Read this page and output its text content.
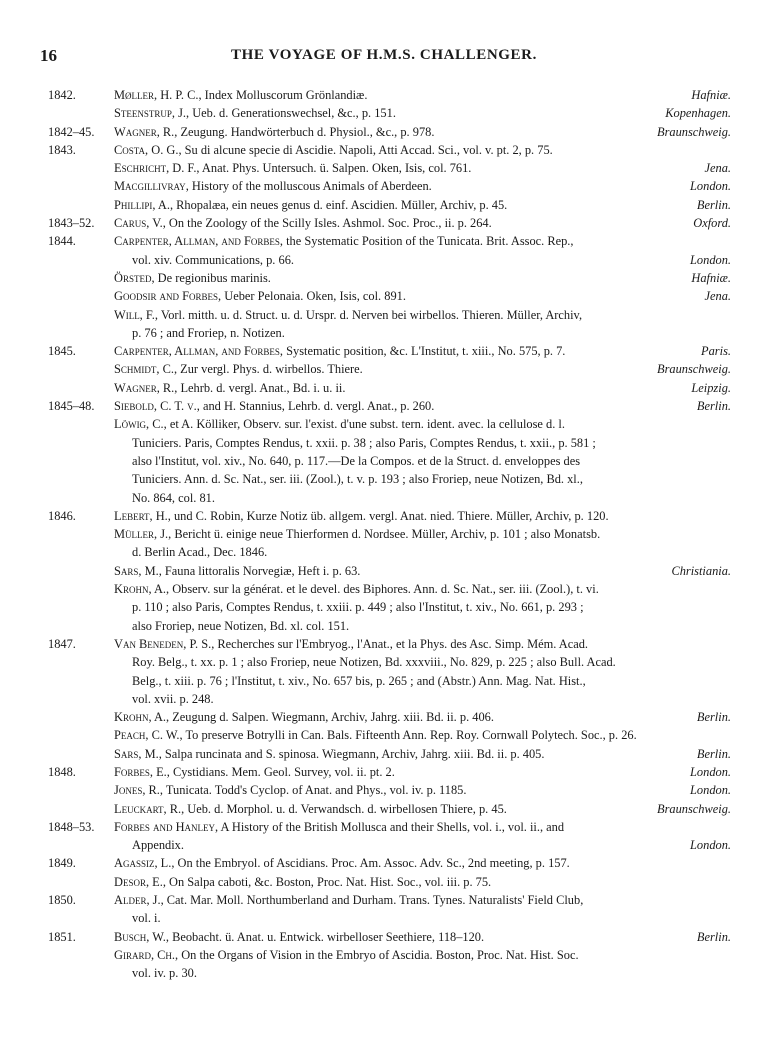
16	THE VOYAGE OF H.M.S. CHALLENGER.
1842.	Møller, H. P. C., Index Molluscorum Grönlandiæ.	Hafniæ.
Steenstrup, J., Ueb. d. Generationswechsel, &c., p. 151.	Kopenhagen.
1842–45. Wagner, R., Zeugung. Handwörterbuch d. Physiol., &c., p. 978.	Braunschweig.
1843.	Costa, O. G., Su di alcune specie di Ascidie. Napoli, Atti Accad. Sci., vol. v. pt. 2, p. 75.
Eschricht, D. F., Anat. Phys. Untersuch. ü. Salpen. Oken, Isis, col. 761.	Jena.
Macgillivray, History of the molluscous Animals of Aberdeen.	London.
Phillipi, A., Rhopalæa, ein neues genus d. einf. Ascidien. Müller, Archiv, p. 45.	Berlin.
1843–52. Carus, V., On the Zoology of the Scilly Isles. Ashmol. Soc. Proc., ii. p. 264.	Oxford.
1844.	Carpenter, Allman, and Forbes, the Systematic Position of the Tunicata. Brit. Assoc. Rep.,
vol. xiv. Communications, p. 66.	London.
Örsted, De regionibus marinis.	Hafniæ.
Goodsir and Forbes, Ueber Pelonaia. Oken, Isis, col. 891.	Jena.
Will, F., Vorl. mitth. u. d. Struct. u. d. Urspr. d. Nerven bei wirbellos. Thieren. Müller, Archiv,
p. 76 ; and Froriep, n. Notizen.
1845.	Carpenter, Allman, and Forbes, Systematic position, &c. L'Institut, t. xiii., No. 575, p. 7.	Paris.
Schmidt, C., Zur vergl. Phys. d. wirbellos. Thiere.	Braunschweig.
Wagner, R., Lehrb. d. vergl. Anat., Bd. i. u. ii.	Leipzig.
1845–48. Siebold, C. T. v., and H. Stannius, Lehrb. d. vergl. Anat., p. 260.	Berlin.
Löwig, C., et A. Kölliker, Observ. sur. l'exist. d'une subst. tern. ident. avec. la cellulose d. l.
Tuniciers. Paris, Comptes Rendus, t. xxii. p. 38 ; also Paris, Comptes Rendus, t. xxii., p. 581 ;
also l'Institut, vol. xiv., No. 640, p. 117.—De la Compos. et de la Struct. d. enveloppes des
Tuniciers. Ann. d. Sc. Nat., ser. iii. (Zool.), t. v. p. 193 ; also Froriep, neue Notizen, Bd. xl.,
No. 864, col. 81.
1846.	Lebert, H., und C. Robin, Kurze Notiz üb. allgem. vergl. Anat. nied. Thiere. Müller, Archiv, p. 120.
Müller, J., Bericht ü. einige neue Thierformen d. Nordsee. Müller, Archiv, p. 101 ; also Monatsb.
d. Berlin Acad., Dec. 1846.
Sars, M., Fauna littoralis Norvegiæ, Heft i. p. 63.	Christiania.
Krohn, A., Observ. sur la générat. et le devel. des Biphores. Ann. d. Sc. Nat., ser. iii. (Zool.), t. vi.
p. 110 ; also Paris, Comptes Rendus, t. xxiii. p. 449 ; also l'Institut, t. xiv., No. 661, p. 293 ;
also Froriep, neue Notizen, Bd. xl. col. 151.
1847.	Van Beneden, P. S., Recherches sur l'Embryog., l'Anat., et la Phys. des Asc. Simp. Mém. Acad.
Roy. Belg., t. xx. p. 1 ; also Froriep, neue Notizen, Bd. xxxviii., No. 829, p. 225 ; also Bull. Acad.
Belg., t. xiii. p. 76 ; l'Institut, t. xiv., No. 657 bis, p. 265 ; and (Abstr.) Ann. Mag. Nat. Hist.,
vol. xvii. p. 248.
Krohn, A., Zeugung d. Salpen. Wiegmann, Archiv, Jahrg. xiii. Bd. ii. p. 406.	Berlin.
Peach, C. W., To preserve Botrylli in Can. Bals. Fifteenth Ann. Rep. Roy. Cornwall Polytech. Soc., p. 26.
Sars, M., Salpa runcinata and S. spinosa. Wiegmann, Archiv, Jahrg. xiii. Bd. ii. p. 405.	Berlin.
1848.	Forbes, E., Cystidians. Mem. Geol. Survey, vol. ii. pt. 2.	London.
Jones, R., Tunicata. Todd's Cyclop. of Anat. and Phys., vol. iv. p. 1185.	London.
Leuckart, R., Ueb. d. Morphol. u. d. Verwandsch. d. wirbellosen Thiere, p. 45.	Braunschweig.
1848–53. Forbes and Hanley, A History of the British Mollusca and their Shells, vol. i., vol. ii., and
Appendix.	London.
1849.	Agassiz, L., On the Embryol. of Ascidians. Proc. Am. Assoc. Adv. Sc., 2nd meeting, p. 157.
Desor, E., On Salpa caboti, &c. Boston, Proc. Nat. Hist. Soc., vol. iii. p. 75.
1850.	Alder, J., Cat. Mar. Moll. Northumberland and Durham. Trans. Tynes. Naturalists' Field Club,
vol. i.
1851.	Busch, W., Beobacht. ü. Anat. u. Entwick. wirbelloser Seethiere, 118–120.	Berlin.
Girard, Ch., On the Organs of Vision in the Embryo of Ascidia. Boston, Proc. Nat. Hist. Soc.
vol. iv. p. 30.
